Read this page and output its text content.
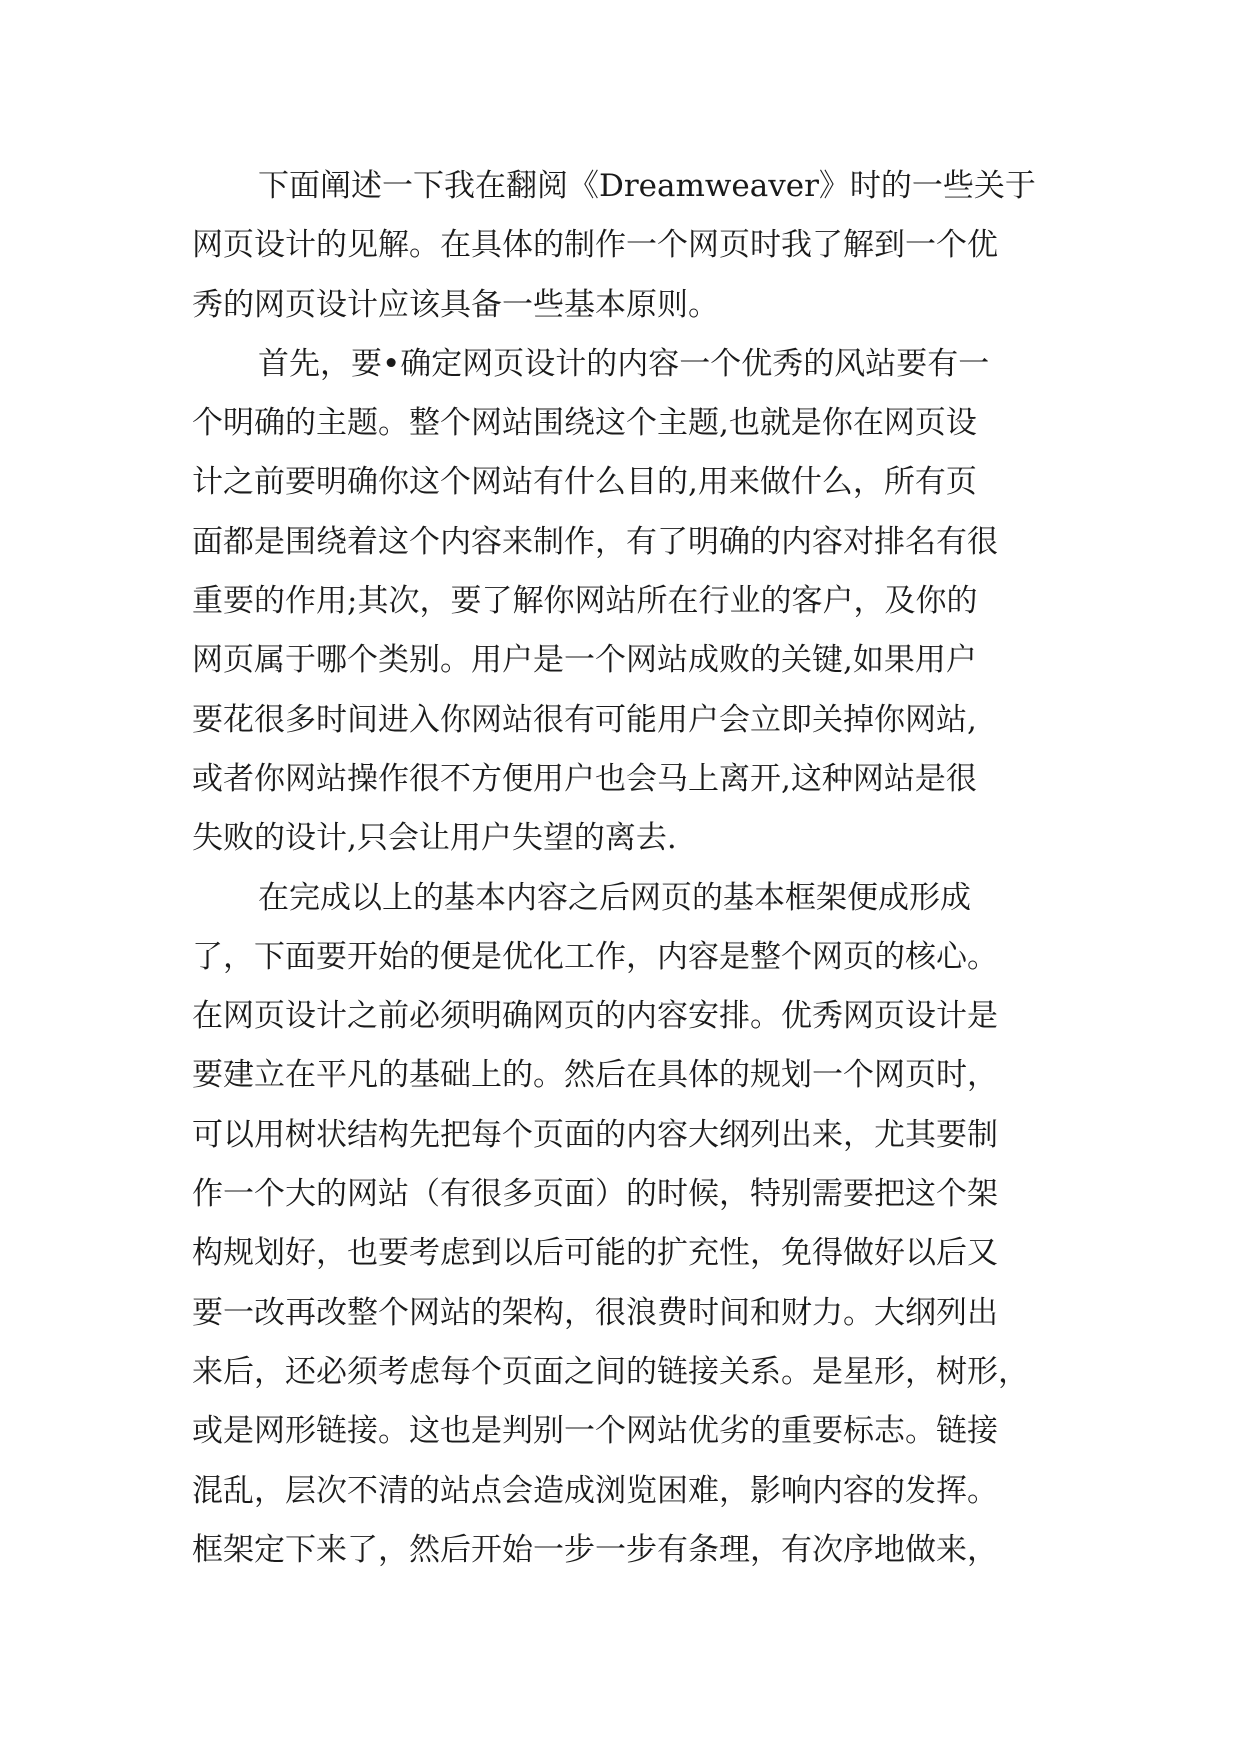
下面阐述一下我在翻阅《Dreamweaver》时的一些关于
网页设计的见解。在具体的制作一个网页时我了解到一个优
秀的网页设计应该具备一些基本原则。
首先，要•确定网页设计的内容一个优秀的风站要有一
个明确的主题。整个网站围绕这个主题,也就是你在网页设
计之前要明确你这个网站有什么目的,用来做什么，所有页
面都是围绕着这个内容来制作，有了明确的内容对排名有很
重要的作用;其次，要了解你网站所在行业的客户，及你的
网页属于哪个类别。用户是一个网站成败的关键,如果用户
要花很多时间进入你网站很有可能用户会立即关掉你网站,
或者你网站操作很不方便用户也会马上离开,这种网站是很
失败的设计,只会让用户失望的离去.
在完成以上的基本内容之后网页的基本框架便成形成
了，下面要开始的便是优化工作，内容是整个网页的核心。
在网页设计之前必须明确网页的内容安排。优秀网页设计是
要建立在平凡的基础上的。然后在具体的规划一个网页时，
可以用树状结构先把每个页面的内容大纲列出来，尤其要制
作一个大的网站（有很多页面）的时候，特别需要把这个架
构规划好，也要考虑到以后可能的扩充性，免得做好以后又
要一改再改整个网站的架构，很浪费时间和财力。大纲列出
来后，还必须考虑每个页面之间的链接关系。是星形，树形，
或是网形链接。这也是判别一个网站优劣的重要标志。链接
混乱，层次不清的站点会造成浏览困难，影响内容的发挥。
框架定下来了，然后开始一步一步有条理，有次序地做来，
